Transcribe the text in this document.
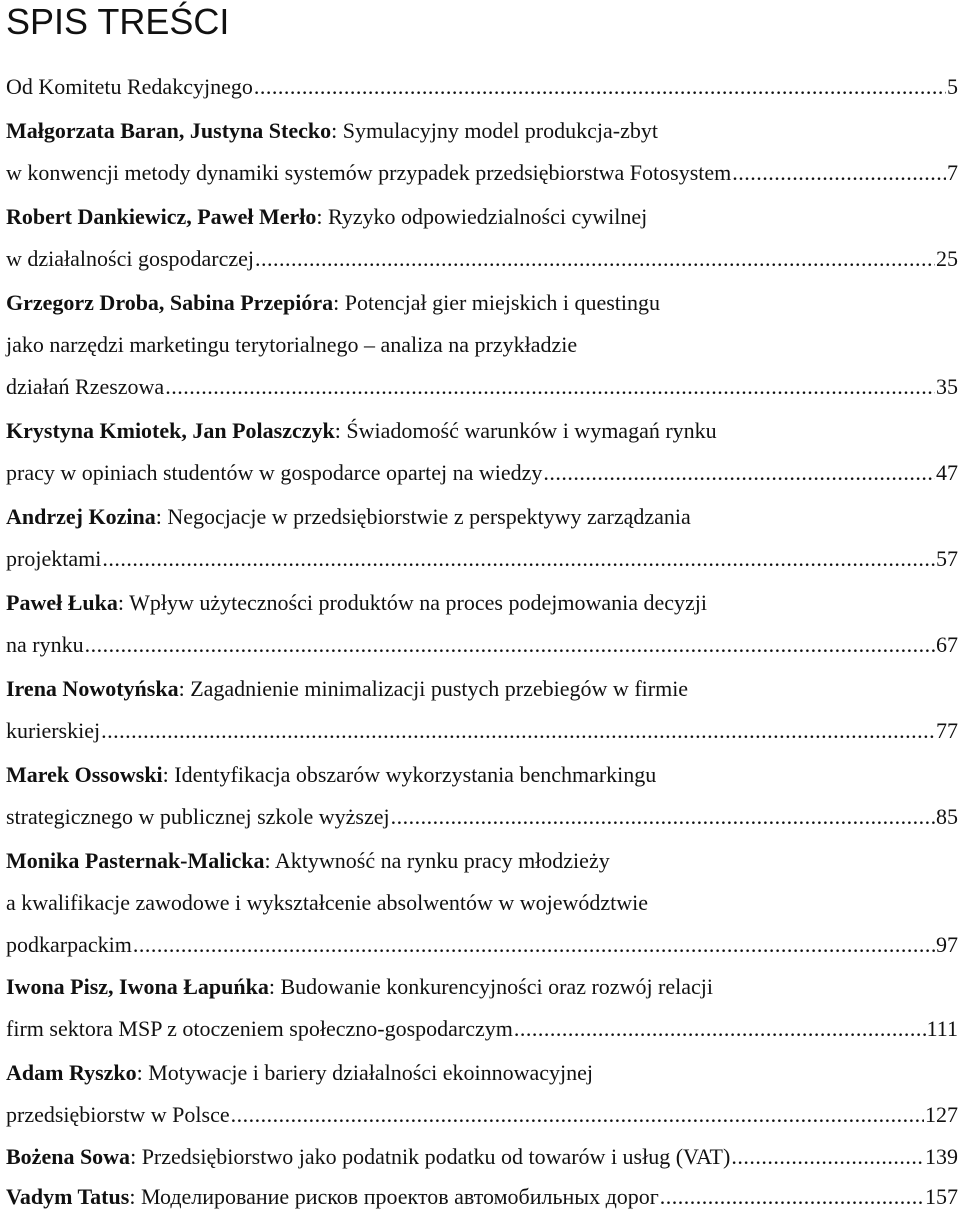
SPIS TREŚCI
Od Komitetu Redakcyjnego .....	5
Małgorzata Baran, Justyna Stecko: Symulacyjny model produkcja-zbyt
w konwencji metody dynamiki systemów przypadek przedsiębiorstwa Fotosystem .....	7
Robert Dankiewicz, Paweł Merło: Ryzyko odpowiedzialności cywilnej
w działalności gospodarczej .....	25
Grzegorz Droba, Sabina Przepióra: Potencjał gier miejskich i questingu
jako narzędzi marketingu terytorialnego – analiza na przykładzie
działań Rzeszowa .....	35
Krystyna Kmiotek, Jan Polaszczyk: Świadomość warunków i wymagań rynku
pracy w opiniach studentów w gospodarce opartej na wiedzy .....	47
Andrzej Kozina: Negocjacje w przedsiębiorstwie z perspektywy zarządzania
projektami .....	57
Paweł Łuka: Wpływ użyteczności produktów na proces podejmowania decyzji
na rynku .....	67
Irena Nowotyńska: Zagadnienie minimalizacji pustych przebiegów w firmie
kurierskiej .....	77
Marek Ossowski: Identyfikacja obszarów wykorzystania benchmarkingu
strategicznego w publicznej szkole wyższej .....	85
Monika Pasternak-Malicka: Aktywność na rynku pracy młodzieży
a kwalifikacje zawodowe i wykształcenie absolwentów w województwie
podkarpackim .....	97
Iwona Pisz, Iwona Łapuńka: Budowanie konkurencyjności oraz rozwój relacji
firm sektora MSP z otoczeniem społeczno-gospodarczym .....	111
Adam Ryszko: Motywacje i bariery działalności ekoinnowacyjnej
przedsiębiorstw w Polsce .....	127
Bożena Sowa: Przedsiębiorstwo jako podatnik podatku od towarów i usług (VAT) .....	139
Vadym Tatus: Моделирование рисков проектов автомобильных дорог .....	157
